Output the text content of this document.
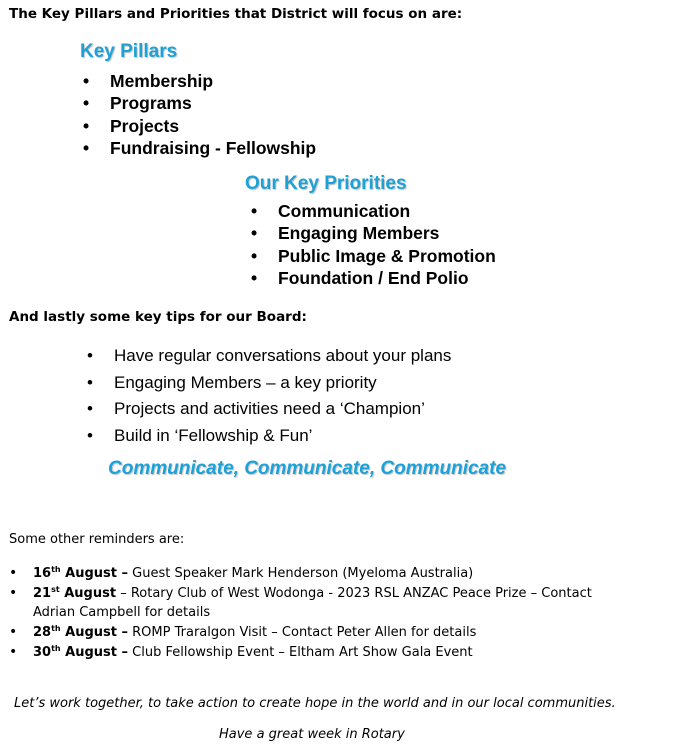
The Key Pillars and Priorities that District will focus on are:
Key Pillars
• Membership
• Programs
• Projects
• Fundraising - Fellowship
Our Key Priorities
• Communication
• Engaging Members
• Public Image & Promotion
• Foundation / End Polio
And lastly some key tips for our Board:
• Have regular conversations about your plans
• Engaging Members – a key priority
• Projects and activities need a ‘Champion’
• Build in ‘Fellowship & Fun’
Communicate, Communicate, Communicate
Some other reminders are:
• 16th August – Guest Speaker Mark Henderson (Myeloma Australia)
• 21st August – Rotary Club of West Wodonga - 2023 RSL ANZAC Peace Prize – Contact Adrian Campbell for details
• 28th August – ROMP Traralgon Visit – Contact Peter Allen for details
• 30th August – Club Fellowship Event – Eltham Art Show Gala Event
Let’s work together, to take action to create hope in the world and in our local communities.
Have a great week in Rotary
